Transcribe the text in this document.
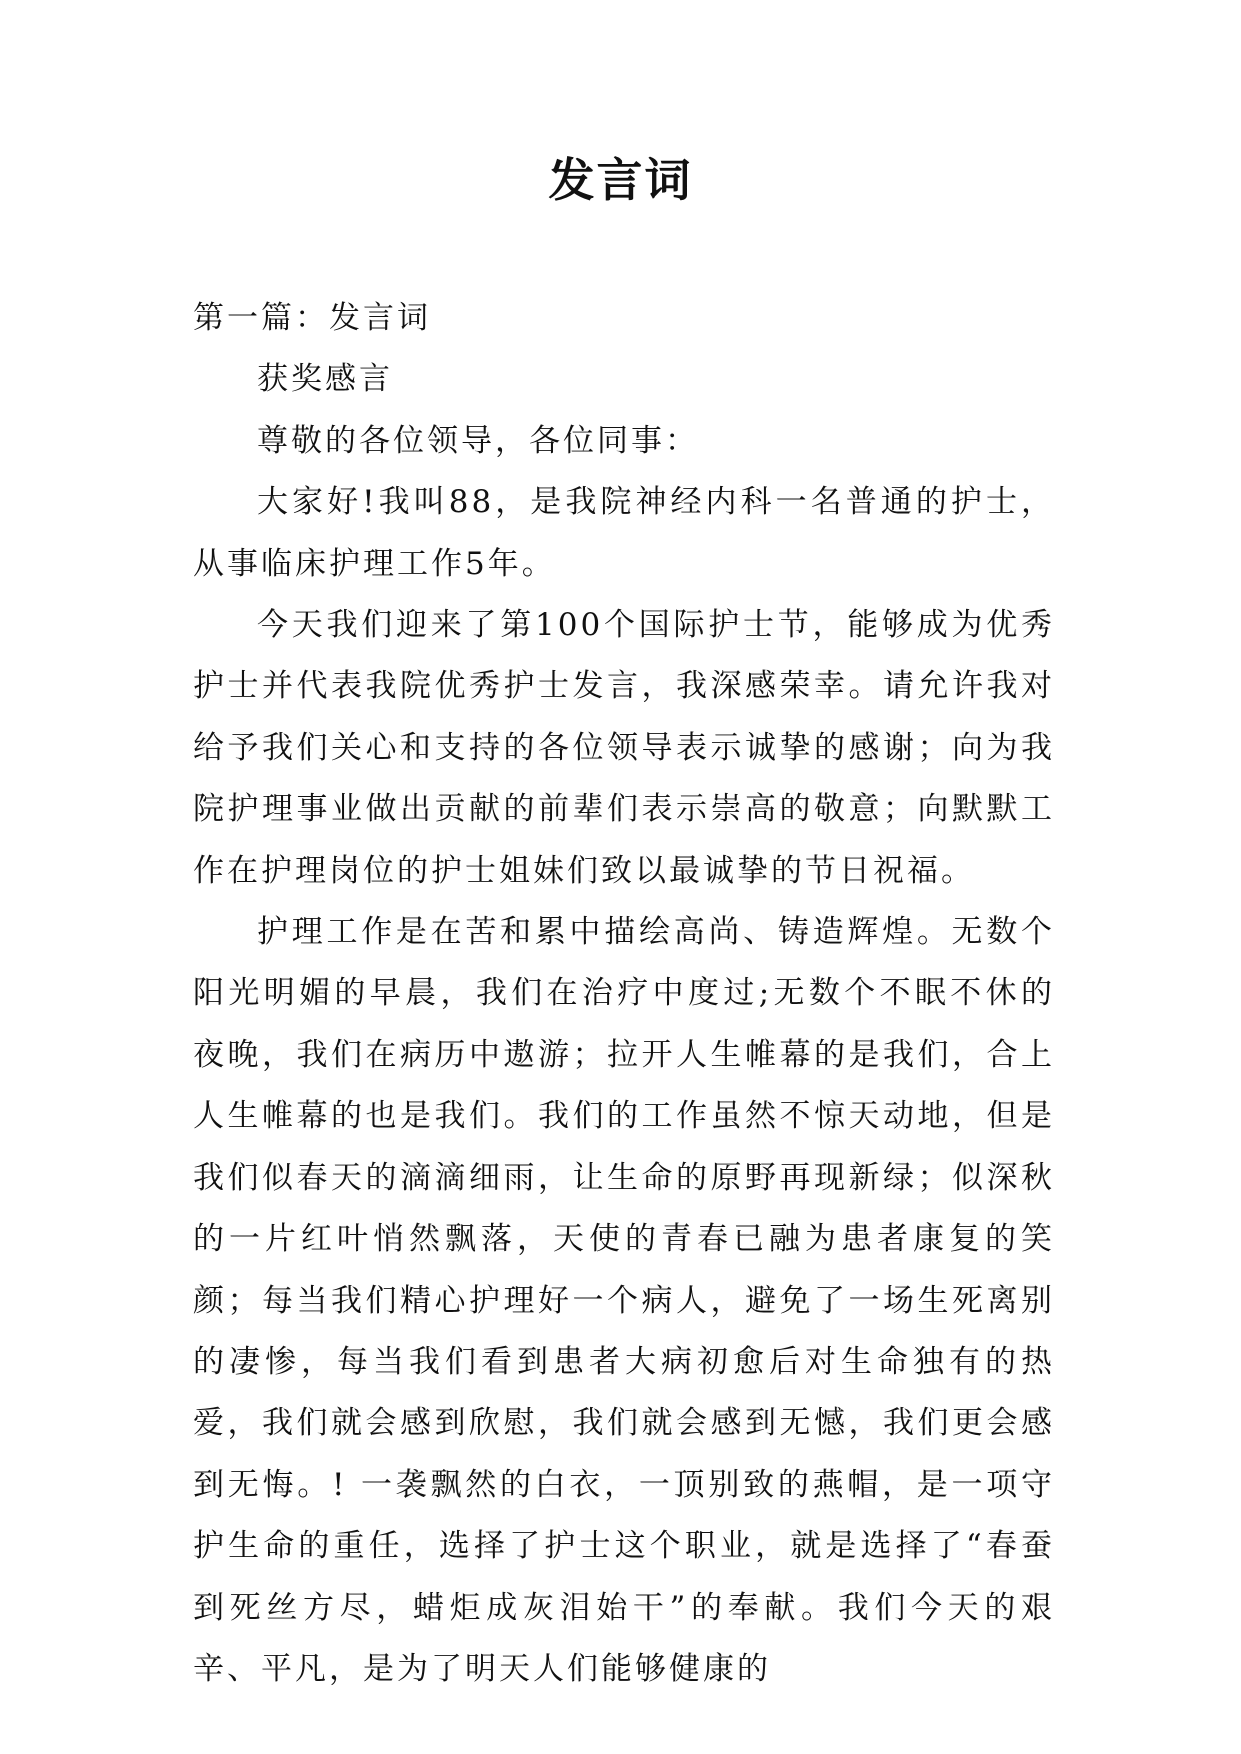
发言词

第一篇：发言词

获奖感言

尊敬的各位领导，各位同事：

大家好!我叫88，是我院神经内科一名普通的护士，从事临床护理工作5年。

今天我们迎来了第100个国际护士节，能够成为优秀护士并代表我院优秀护士发言，我深感荣幸。请允许我对给予我们关心和支持的各位领导表示诚挚的感谢；向为我院护理事业做出贡献的前辈们表示崇高的敬意；向默默工作在护理岗位的护士姐妹们致以最诚挚的节日祝福。

护理工作是在苦和累中描绘高尚、铸造辉煌。无数个阳光明媚的早晨，我们在治疗中度过;无数个不眠不休的夜晚，我们在病历中遨游；拉开人生帷幕的是我们，合上人生帷幕的也是我们。我们的工作虽然不惊天动地，但是我们似春天的滴滴细雨，让生命的原野再现新绿；似深秋的一片红叶悄然飘落，天使的青春已融为患者康复的笑颜；每当我们精心护理好一个病人，避免了一场生死离别的凄惨，每当我们看到患者大病初愈后对生命独有的热爱，我们就会感到欣慰，我们就会感到无憾，我们更会感到无悔。! 一袭飘然的白衣，一顶别致的燕帽，是一项守护生命的重任，选择了护士这个职业，就是选择了“春蚕到死丝方尽，蜡炬成灰泪始干”的奉献。我们今天的艰辛、平凡，是为了明天人们能够健康的
